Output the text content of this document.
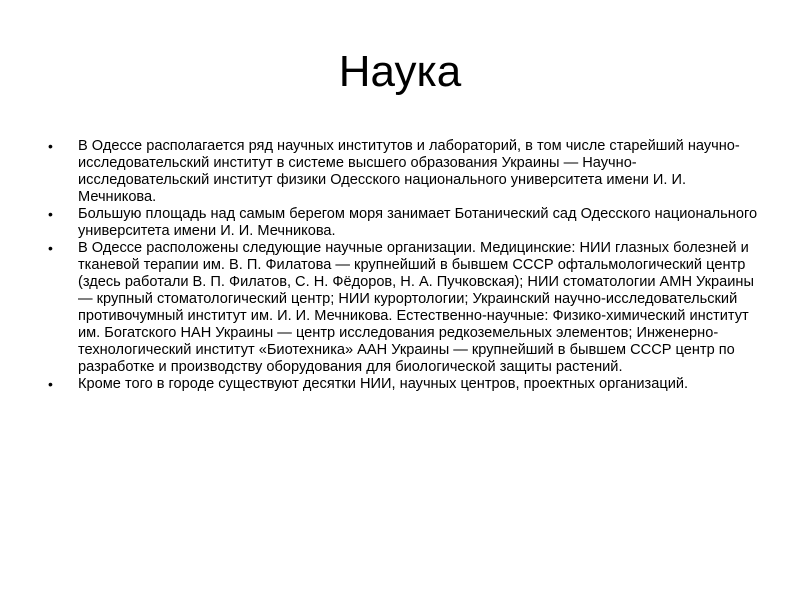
Наука
• В Одессе располагается ряд научных институтов и лабораторий, в том числе старейший научно-исследовательский институт в системе высшего образования Украины — Научно-исследовательский институт физики Одесского национального университета имени И. И. Мечникова.
• Большую площадь над самым берегом моря занимает Ботанический сад Одесского национального университета имени И. И. Мечникова.
• В Одессе расположены следующие научные организации. Медицинские: НИИ глазных болезней и тканевой терапии им. В. П. Филатова — крупнейший в бывшем СССР офтальмологический центр (здесь работали В. П. Филатов, С. Н. Фёдоров, Н. А. Пучковская); НИИ стоматологии АМН Украины — крупный стоматологический центр; НИИ курортологии; Украинский научно-исследовательский противочумный институт им. И. И. Мечникова. Естественно-научные: Физико-химический институт им. Богатского НАН Украины — центр исследования редкоземельных элементов; Инженерно-технологический институт «Биотехника» ААН Украины — крупнейший в бывшем СССР центр по разработке и производству оборудования для биологической защиты растений.
• Кроме того в городе существуют десятки НИИ, научных центров, проектных организаций.
